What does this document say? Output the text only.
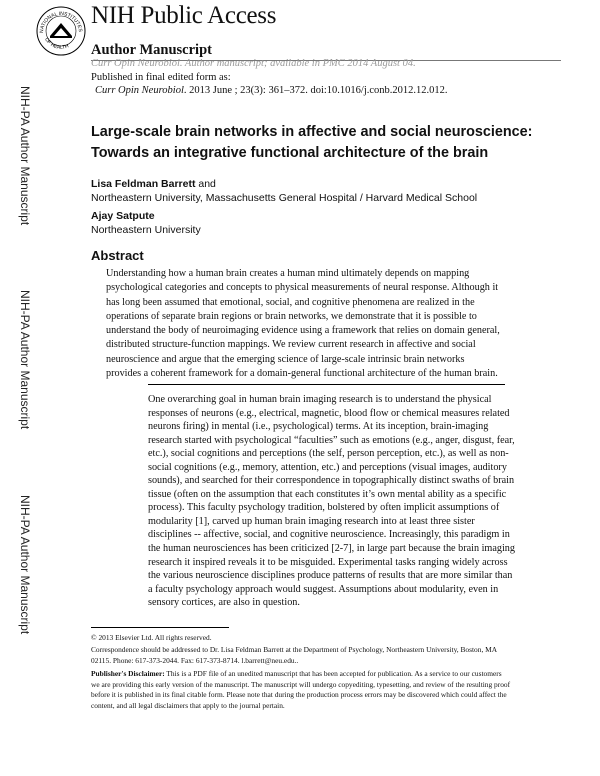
NATIONAL INSTITUTES
OF HEALTH
NIH Public Access
Author Manuscript
Curr Opin Neurobiol. Author manuscript; available in PMC 2014 August 04.
NIH-PA Author Manuscript
NIH-PA Author Manuscript
NIH-PA Author Manuscript
Published in final edited form as:
Curr Opin Neurobiol. 2013 June ; 23(3): 361–372. doi:10.1016/j.conb.2012.12.012.
Large-scale brain networks in affective and social neuroscience: Towards an integrative functional architecture of the brain
Lisa Feldman Barrett and
Northeastern University, Massachusetts General Hospital / Harvard Medical School
Ajay Satpute
Northeastern University
Abstract
Understanding how a human brain creates a human mind ultimately depends on mapping psychological categories and concepts to physical measurements of neural response. Although it has long been assumed that emotional, social, and cognitive phenomena are realized in the operations of separate brain regions or brain networks, we demonstrate that it is possible to understand the body of neuroimaging evidence using a framework that relies on domain general, distributed structure-function mappings. We review current research in affective and social neuroscience and argue that the emerging science of large-scale intrinsic brain networks provides a coherent framework for a domain-general functional architecture of the human brain.
One overarching goal in human brain imaging research is to understand the physical responses of neurons (e.g., electrical, magnetic, blood flow or chemical measures related neurons firing) in mental (i.e., psychological) terms. At its inception, brain-imaging research started with psychological “faculties” such as emotions (e.g., anger, disgust, fear, etc.), social cognitions and perceptions (the self, person perception, etc.), as well as non-social cognitions (e.g., memory, attention, etc.) and perceptions (visual images, auditory sounds), and searched for their correspondence in topographically distinct swaths of brain tissue (often on the assumption that each constitutes it’s own mental ability as a specific process). This faculty psychology tradition, bolstered by often implicit assumptions of modularity [1], carved up human brain imaging research into at least three sister disciplines -- affective, social, and cognitive neuroscience. Increasingly, this paradigm in the human neurosciences has been criticized [2-7], in large part because the brain imaging research it inspired reveals it to be misguided. Experimental tasks ranging widely across the various neuroscience disciplines produce patterns of results that are more similar than a faculty psychology approach would suggest. Assumptions about modularity, even in sensory cortices, are also in question.
© 2013 Elsevier Ltd. All rights reserved.
Correspondence should be addressed to Dr. Lisa Feldman Barrett at the Department of Psychology, Northeastern University, Boston, MA 02115. Phone: 617-373-2044. Fax: 617-373-8714. l.barrett@neu.edu..
Publisher's Disclaimer: This is a PDF file of an unedited manuscript that has been accepted for publication. As a service to our customers we are providing this early version of the manuscript. The manuscript will undergo copyediting, typesetting, and review of the resulting proof before it is published in its final citable form. Please note that during the production process errors may be discovered which could affect the content, and all legal disclaimers that apply to the journal pertain.
